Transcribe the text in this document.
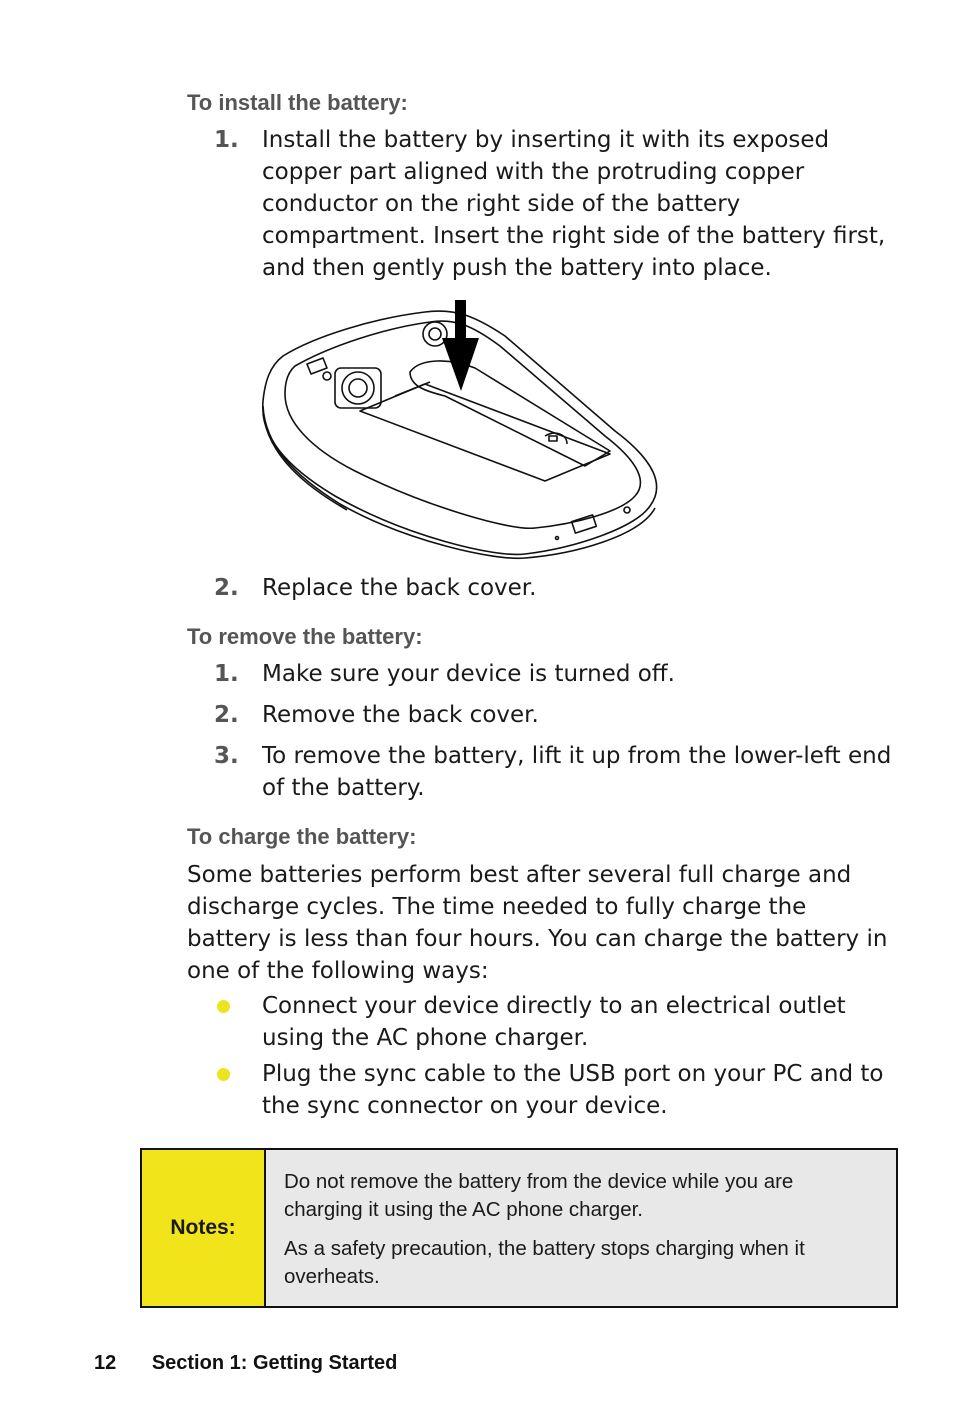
To install the battery:
1.	Install the battery by inserting it with its exposed copper part aligned with the protruding copper conductor on the right side of the battery compartment. Insert the right side of the battery first, and then gently push the battery into place.
2.	Replace the back cover.
To remove the battery:
1.	Make sure your device is turned off.
2.	Remove the back cover.
3.	To remove the battery, lift it up from the lower-left end of the battery.
To charge the battery:

Some batteries perform best after several full charge and discharge cycles. The time needed to fully charge the battery is less than four hours. You can charge the battery in one of the following ways:

Connect your device directly to an electrical outlet using the AC phone charger.
Plug the sync cable to the USB port on your PC and to the sync connector on your device.
Notes:

Do not remove the battery from the device while you are charging it using the AC phone charger.

As a safety precaution, the battery stops charging when it overheats.

12 Section 1: Getting Started
